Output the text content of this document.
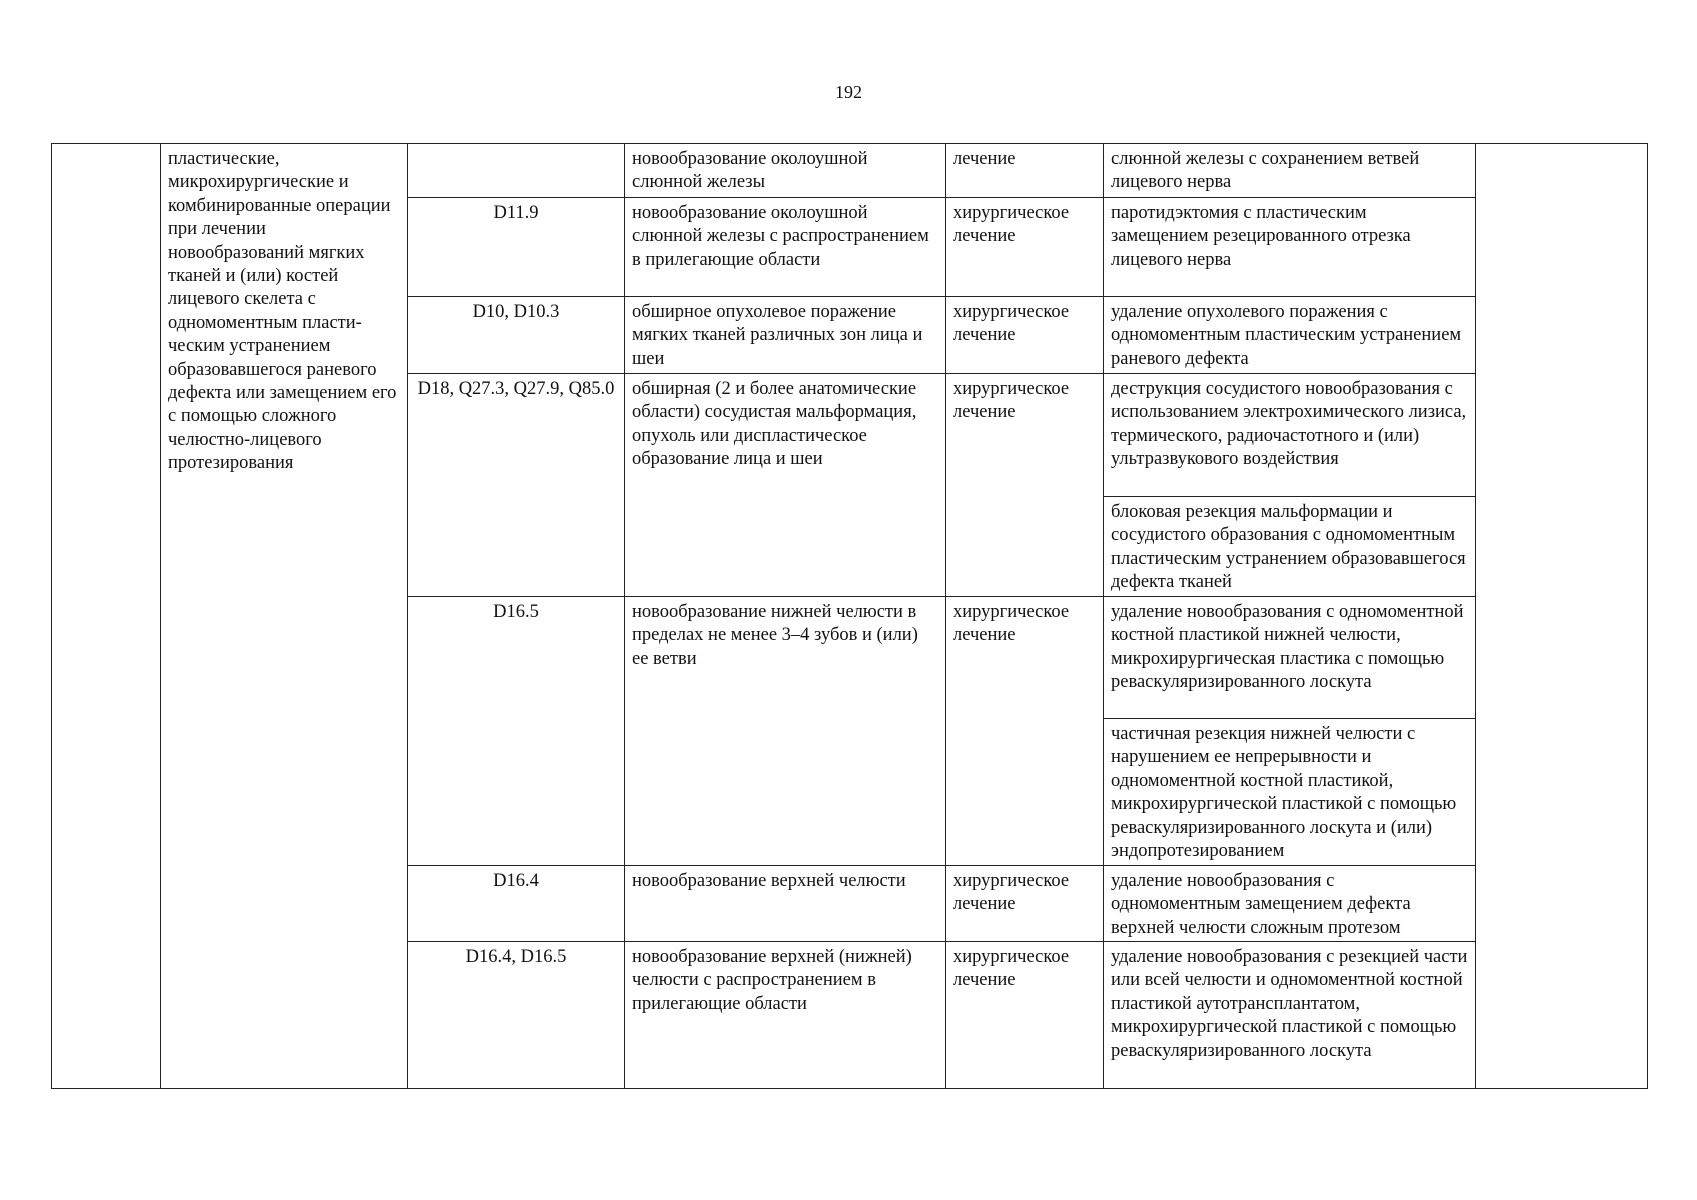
192
	пластические, микрохирургические и комбинированные операции при лечении новообразований мягких тканей и (или) костей лицевого скелета с одномоментным пластическим устранением образовавшегося раневого дефекта или замещением его с помощью сложного челюстно-лицевого протезирования		новообразование околоушной слюнной железы	лечение	слюнной железы с сохранением ветвей лицевого нерва	
		D11.9	новообразование околоушной слюнной железы с распространением в прилегающие области	хирургическое лечение	паротидэктомия с пластическим замещением резецированного отрезка лицевого нерва	
		D10, D10.3	обширное опухолевое поражение мягких тканей различных зон лица и шеи	хирургическое лечение	удаление опухолевого поражения с одномоментным пластическим устранением раневого дефекта	
		D18, Q27.3, Q27.9, Q85.0	обширная (2 и более анатомические области) сосудистая мальформация, опухоль или диспластическое образование лица и шеи	хирургическое лечение	деструкция сосудистого новообразования с использованием электрохимического лизиса, термического, радиочастотного и (или) ультразвукового воздействия	
					блоковая резекция мальформации и сосудистого образования с одномоментным пластическим устранением образовавшегося дефекта тканей	
		D16.5	новообразование нижней челюсти в пределах не менее 3–4 зубов и (или) ее ветви	хирургическое лечение	удаление новообразования с одномоментной костной пластикой нижней челюсти, микрохирургическая пластика с помощью реваскуляризированного лоскута	
					частичная резекция нижней челюсти с нарушением ее непрерывности и одномоментной костной пластикой, микрохирургической пластикой с помощью реваскуляризированного лоскута и (или) эндопротезированием	
		D16.4	новообразование верхней челюсти	хирургическое лечение	удаление новообразования с одномоментным замещением дефекта верхней челюсти сложным протезом	
		D16.4, D16.5	новообразование верхней (нижней) челюсти с распространением в прилегающие области	хирургическое лечение	удаление новообразования с резекцией части или всей челюсти и одномоментной костной пластикой аутотрансплантатом, микрохирургической пластикой с помощью реваскуляризированного лоскута	
